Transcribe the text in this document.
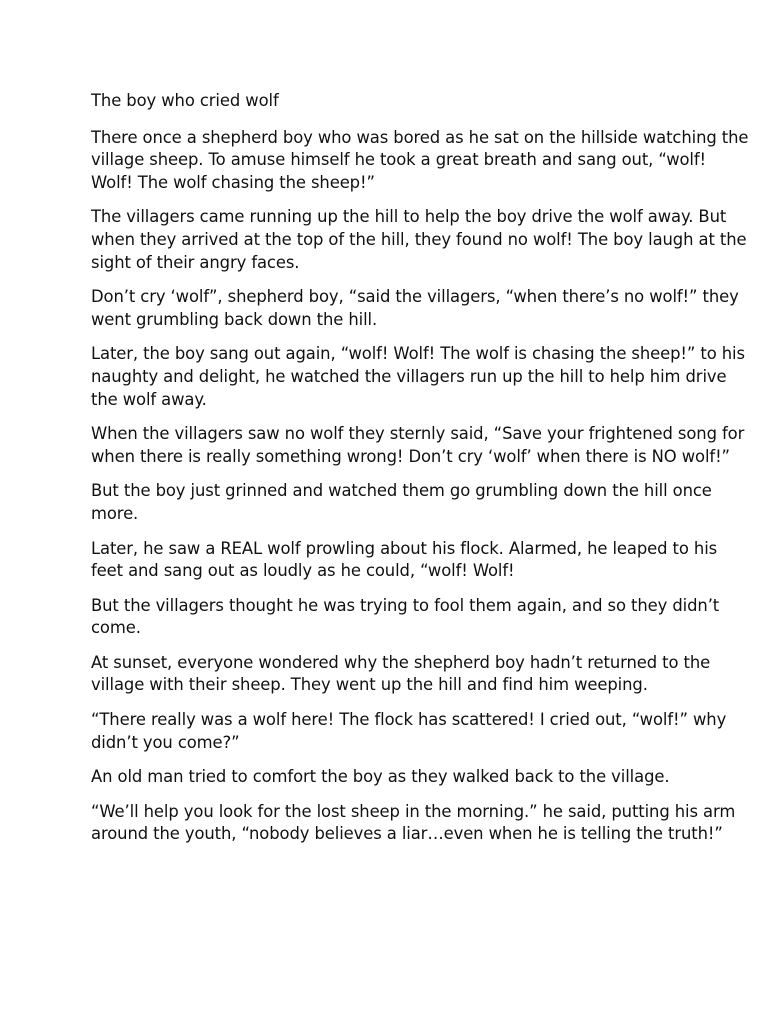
The boy who cried wolf

There once a shepherd boy who was bored as he sat on the hillside watching the village sheep. To amuse himself he took a great breath and sang out, “wolf! Wolf! The wolf chasing the sheep!”

The villagers came running up the hill to help the boy drive the wolf away. But when they arrived at the top of the hill, they found no wolf! The boy laugh at the sight of their angry faces.

Don’t cry ‘wolf”, shepherd boy, “said the villagers, “when there’s no wolf!” they went grumbling back down the hill.

Later, the boy sang out again, “wolf! Wolf! The wolf is chasing the sheep!” to his naughty and delight, he watched the villagers run up the hill to help him drive the wolf away.

When the villagers saw no wolf they sternly said, “Save your frightened song for when there is really something wrong! Don’t cry ‘wolf’ when there is NO wolf!”

But the boy just grinned and watched them go grumbling down the hill once more.

Later, he saw a REAL wolf prowling about his flock. Alarmed, he leaped to his feet and sang out as loudly as he could, “wolf! Wolf!

But the villagers thought he was trying to fool them again, and so they didn’t come.

At sunset, everyone wondered why the shepherd boy hadn’t returned to the village with their sheep. They went up the hill and find him weeping.

“There really was a wolf here! The flock has scattered! I cried out, “wolf!” why didn’t you come?”

An old man tried to comfort the boy as they walked back to the village.

“We’ll help you look for the lost sheep in the morning.” he said, putting his arm around the youth, “nobody believes a liar…even when he is telling the truth!”
